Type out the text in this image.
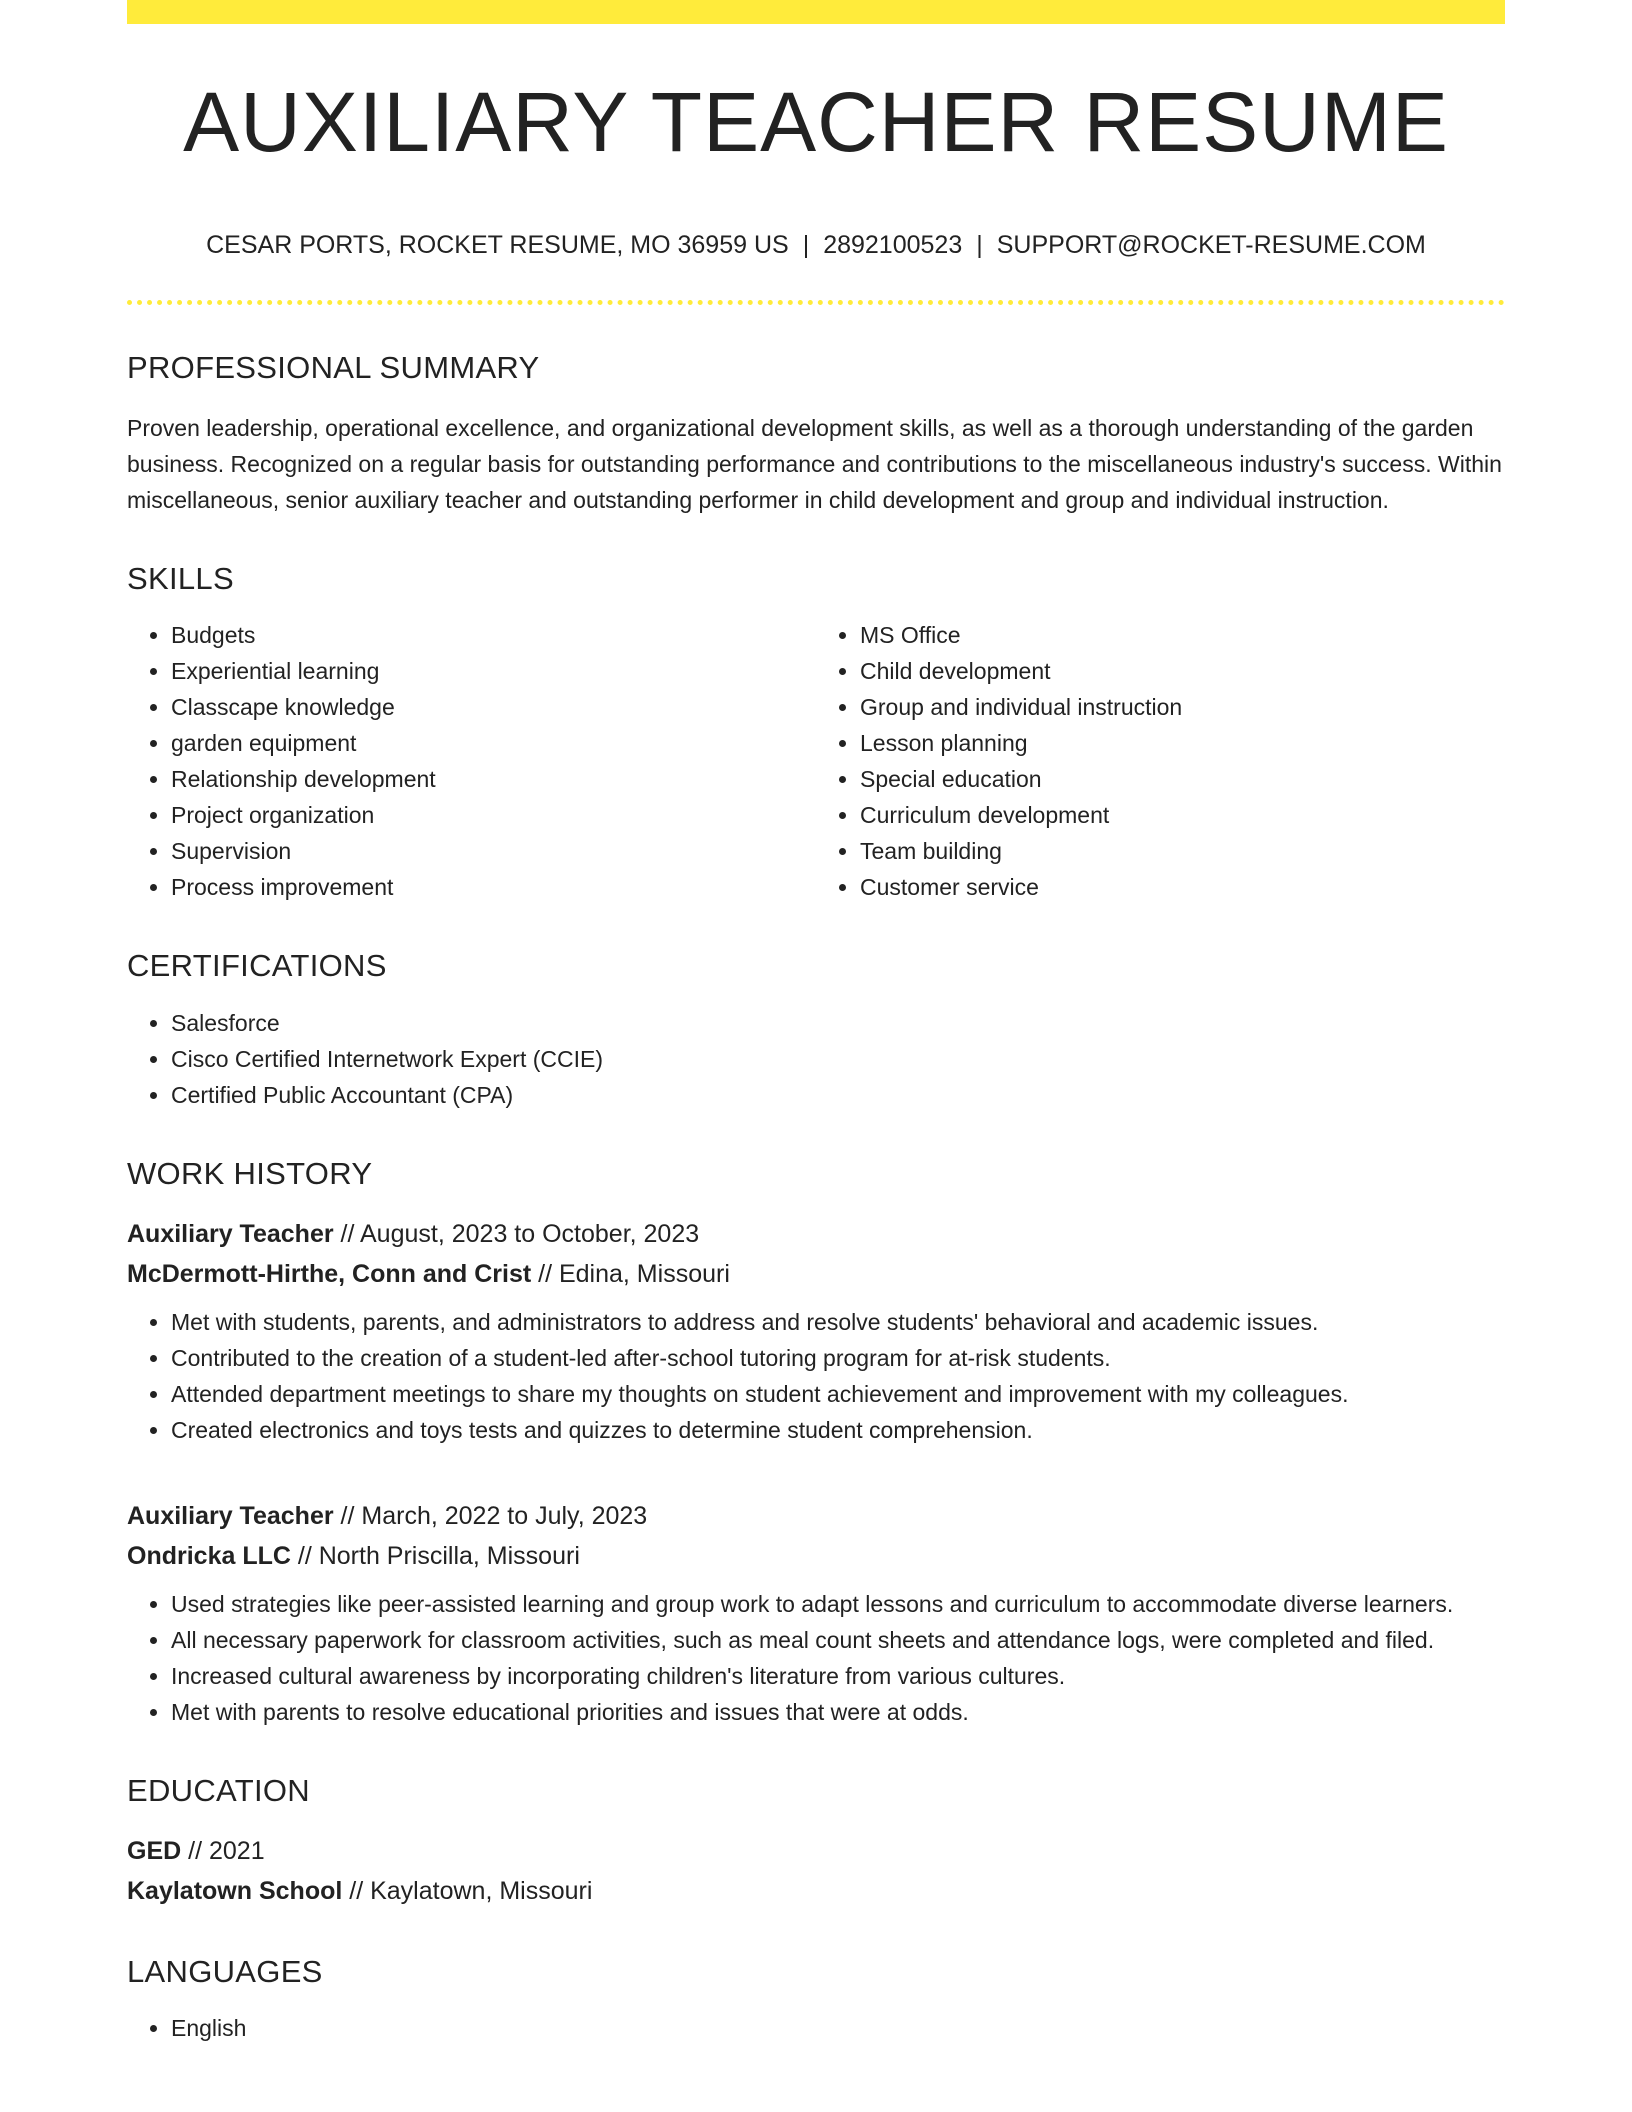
AUXILIARY TEACHER RESUME
CESAR PORTS, ROCKET RESUME, MO 36959 US | 2892100523 | SUPPORT@ROCKET-RESUME.COM
PROFESSIONAL SUMMARY

Proven leadership, operational excellence, and organizational development skills, as well as a thorough understanding of the garden business. Recognized on a regular basis for outstanding performance and contributions to the miscellaneous industry's success. Within miscellaneous, senior auxiliary teacher and outstanding performer in child development and group and individual instruction.

SKILLS
• Budgets
• Experiential learning
• Classcape knowledge
• garden equipment
• Relationship development
• Project organization
• Supervision
• Process improvement
• MS Office
• Child development
• Group and individual instruction
• Lesson planning
• Special education
• Curriculum development
• Team building
• Customer service
CERTIFICATIONS
• Salesforce
• Cisco Certified Internetwork Expert (CCIE)
• Certified Public Accountant (CPA)
WORK HISTORY
Auxiliary Teacher // August, 2023 to October, 2023
McDermott-Hirthe, Conn and Crist // Edina, Missouri
• Met with students, parents, and administrators to address and resolve students' behavioral and academic issues.
• Contributed to the creation of a student-led after-school tutoring program for at-risk students.
• Attended department meetings to share my thoughts on student achievement and improvement with my colleagues.
• Created electronics and toys tests and quizzes to determine student comprehension.
Auxiliary Teacher // March, 2022 to July, 2023
Ondricka LLC // North Priscilla, Missouri
• Used strategies like peer-assisted learning and group work to adapt lessons and curriculum to accommodate diverse learners.
• All necessary paperwork for classroom activities, such as meal count sheets and attendance logs, were completed and filed.
• Increased cultural awareness by incorporating children's literature from various cultures.
• Met with parents to resolve educational priorities and issues that were at odds.
EDUCATION
GED // 2021
Kaylatown School // Kaylatown, Missouri
LANGUAGES
• English
